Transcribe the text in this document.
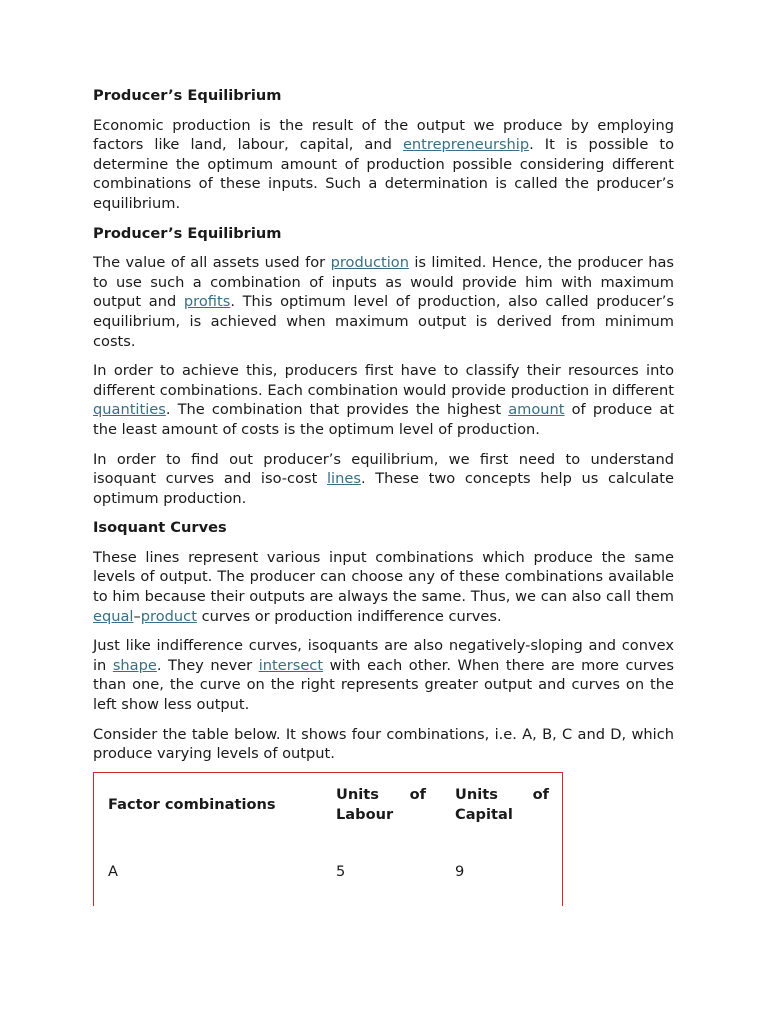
Producer’s Equilibrium

Economic production is the result of the output we produce by employing factors like land, labour, capital, and entrepreneurship. It is possible to determine the optimum amount of production possible considering different combinations of these inputs. Such a determination is called the producer’s equilibrium.

Producer’s Equilibrium

The value of all assets used for production is limited. Hence, the producer has to use such a combination of inputs as would provide him with maximum output and profits. This optimum level of production, also called producer’s equilibrium, is achieved when maximum output is derived from minimum costs.

In order to achieve this, producers first have to classify their resources into different combinations. Each combination would provide production in different quantities. The combination that provides the highest amount of produce at the least amount of costs is the optimum level of production.

In order to find out producer’s equilibrium, we first need to understand isoquant curves and iso-cost lines. These two concepts help us calculate optimum production.

Isoquant Curves

These lines represent various input combinations which produce the same levels of output. The producer can choose any of these combinations available to him because their outputs are always the same. Thus, we can also call them equal–product curves or production indifference curves.

Just like indifference curves, isoquants are also negatively-sloping and convex in shape. They never intersect with each other. When there are more curves than one, the curve on the right represents greater output and curves on the left show less output.

Consider the table below. It shows four combinations, i.e. A, B, C and D, which produce varying levels of output.

Factor combinations
Units of
Labour
Units of
Capital
A	5	9
